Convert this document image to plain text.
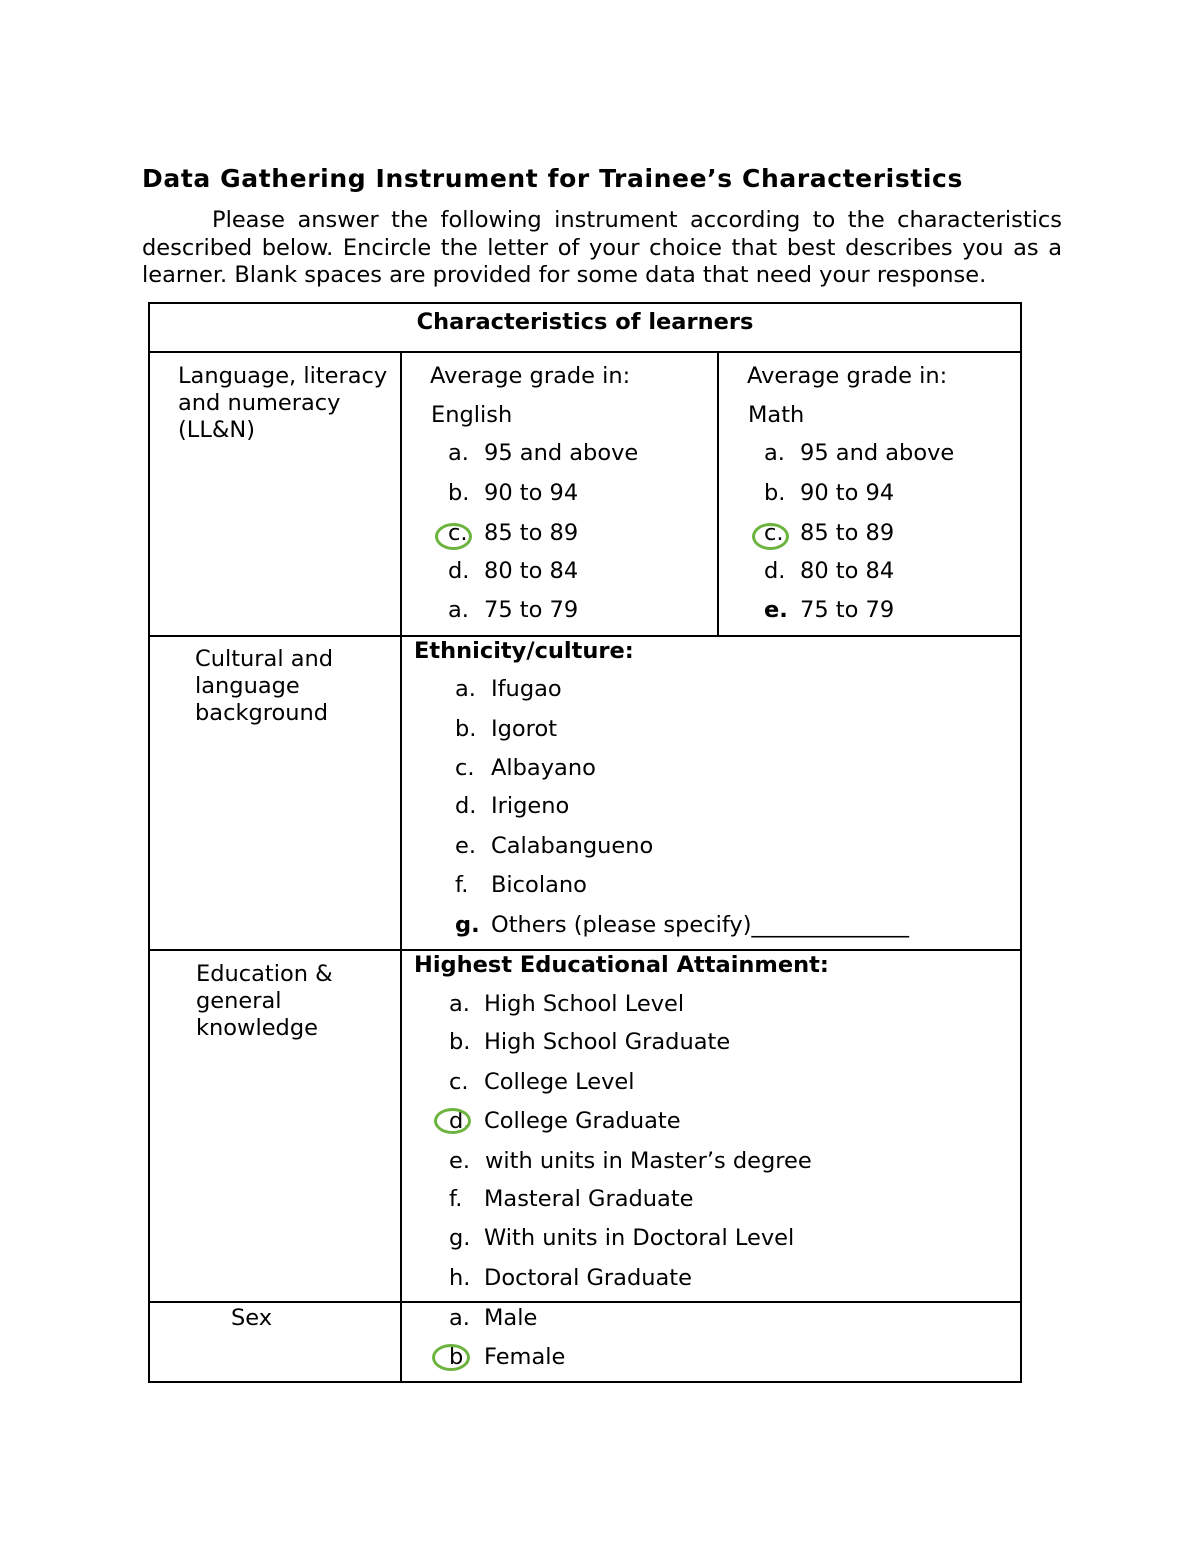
Data Gathering Instrument for Trainee’s Characteristics

Please answer the following instrument according to the characteristics described below. Encircle the letter of your choice that best describes you as a learner. Blank spaces are provided for some data that need your response.

Characteristics of learners
Language, literacy and numeracy (LL&N)
Average grade in:
English
a. 95 and above
b. 90 to 94
c. 85 to 89
d. 80 to 84
a. 75 to 79
Average grade in:
Math
a. 95 and above
b. 90 to 94
c. 85 to 89
d. 80 to 84
e. 75 to 79
Cultural and language background
Ethnicity/culture:
a. Ifugao
b. Igorot
c. Albayano
d. Irigeno
e. Calabangueno
f. Bicolano
g. Others (please specify)______________
Education & general knowledge
Highest Educational Attainment:
a. High School Level
b. High School Graduate
c. College Level
d. College Graduate
e. with units in Master’s degree
f. Masteral Graduate
g. With units in Doctoral Level
h. Doctoral Graduate
Sex	a. Male
b. Female
